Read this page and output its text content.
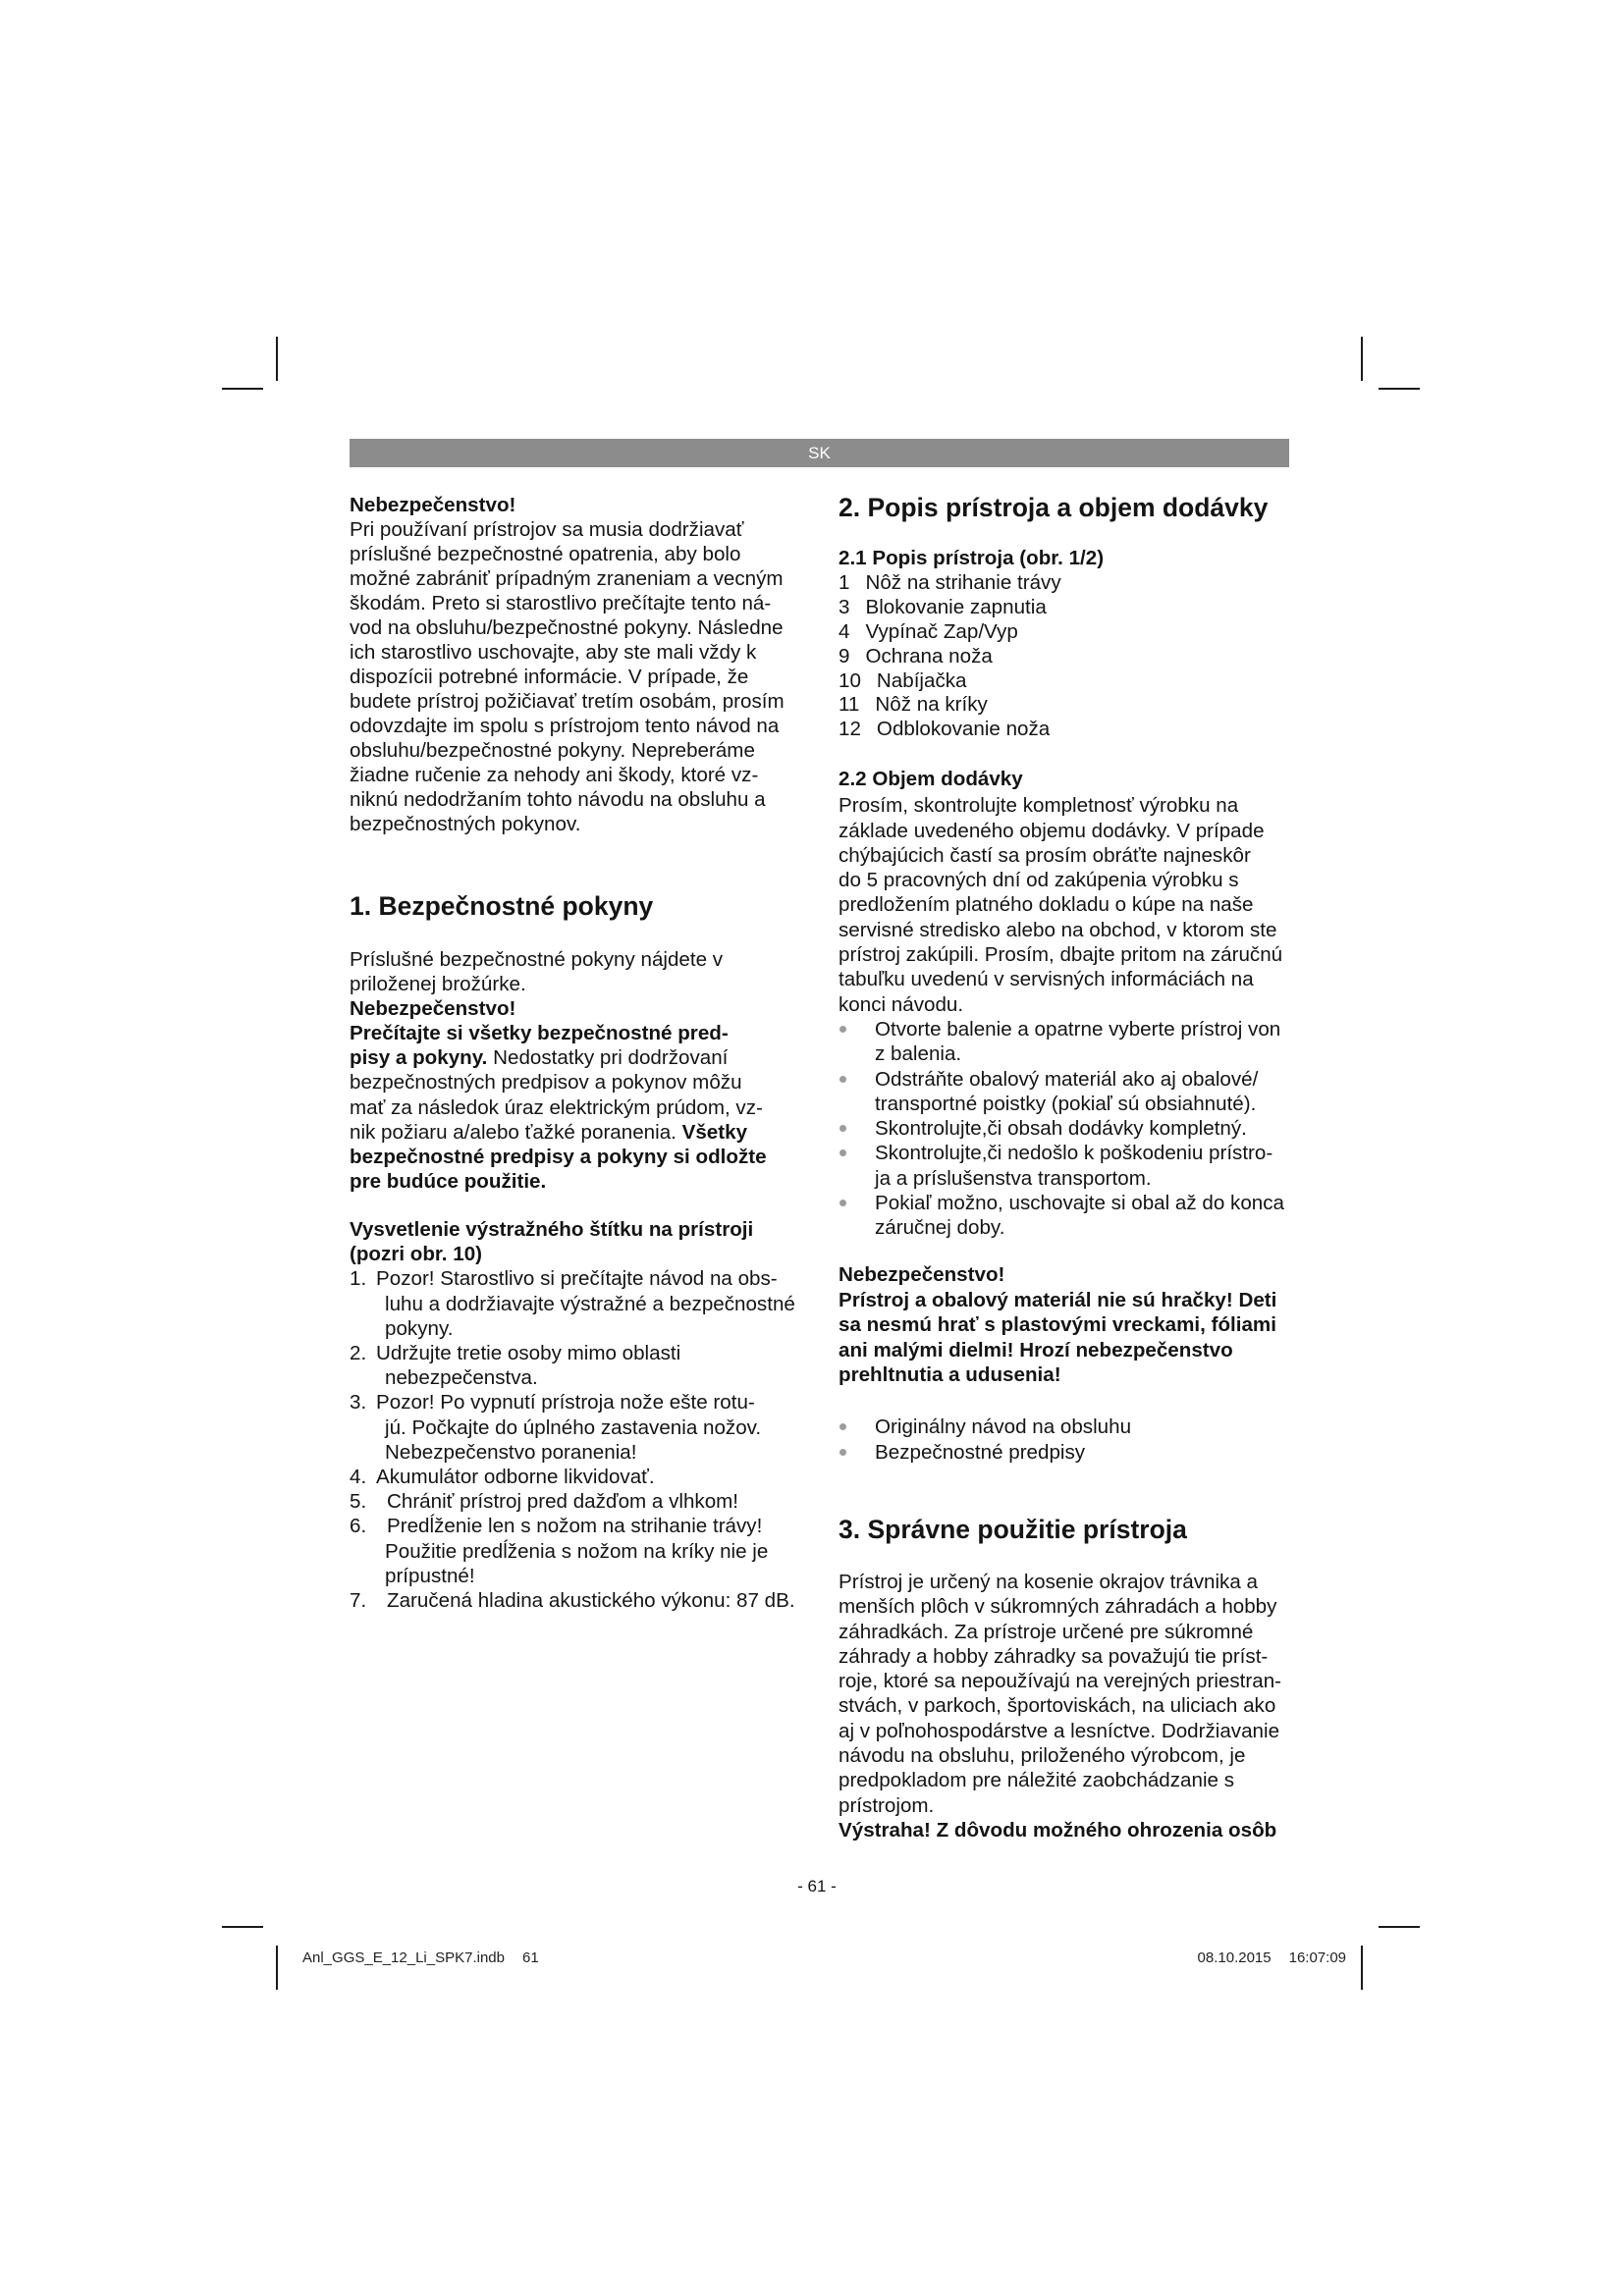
SK
Nebezpečenstvo!
Pri používaní prístrojov sa musia dodržiavať
príslušné bezpečnostné opatrenia, aby bolo
možné zabrániť prípadným zraneniam a vecným
škodám. Preto si starostlivo prečítajte tento ná-
vod na obsluhu/bezpečnostné pokyny. Následne
ich starostlivo uschovajte, aby ste mali vždy k
dispozícii potrebné informácie. V prípade, že
budete prístroj požičiavať tretím osobám, prosím
odovzdajte im spolu s prístrojom tento návod na
obsluhu/bezpečnostné pokyny. Nepreberáme
žiadne ručenie za nehody ani škody, ktoré vz-
niknú nedodržaním tohto návodu na obsluhu a
bezpečnostných pokynov.
1. Bezpečnostné pokyny
Príslušné bezpečnostné pokyny nájdete v
priloženej brožúrke.
Nebezpečenstvo!
Prečítajte si všetky bezpečnostné pred-
pisy a pokyny. Nedostatky pri dodržovaní
bezpečnostných predpisov a pokynov môžu
mať za následok úraz elektrickým prúdom, vz-
nik požiaru a/alebo ťažké poranenia. Všetky
bezpečnostné predpisy a pokyny si odložte
pre budúce použitie.
Vysvetlenie výstražného štítku na prístroji
(pozri obr. 10)
1. Pozor! Starostlivo si prečítajte návod na obs-
luhu a dodržiavajte výstražné a bezpečnostné
pokyny.
2. Udržujte tretie osoby mimo oblasti
nebezpečenstva.
3. Pozor! Po vypnutí prístroja nože ešte rotu-
jú. Počkajte do úplného zastavenia nožov.
Nebezpečenstvo poranenia!
4. Akumulátor odborne likvidovať.
5. Chrániť prístroj pred dažďom a vlhkom!
6. Predĺženie len s nožom na strihanie trávy!
Použitie predĺženia s nožom na kríky nie je
prípustné!
7. Zaručená hladina akustického výkonu: 87 dB.
2. Popis prístroja a objem dodávky
2.1 Popis prístroja (obr. 1/2)
1 Nôž na strihanie trávy
3 Blokovanie zapnutia
4 Vypínač Zap/Vyp
9 Ochrana noža
10 Nabíjačka
11 Nôž na kríky
12 Odblokovanie noža
2.2 Objem dodávky
Prosím, skontrolujte kompletnosť výrobku na
základe uvedeného objemu dodávky. V prípade
chýbajúcich častí sa prosím obráťte najneskôr
do 5 pracovných dní od zakúpenia výrobku s
predložením platného dokladu o kúpe na naše
servisné stredisko alebo na obchod, v ktorom ste
prístroj zakúpili. Prosím, dbajte pritom na záručnú
tabuľku uvedenú v servisných informáciách na
konci návodu.
Otvorte balenie a opatrne vyberte prístroj von
z balenia.
Odstráňte obalový materiál ako aj obalové/
transportné poistky (pokiaľ sú obsiahnuté).
Skontrolujte,či obsah dodávky kompletný.
Skontrolujte,či nedošlo k poškodeniu prístro-
ja a príslušenstva transportom.
Pokiaľ možno, uschovajte si obal až do konca
záručnej doby.
Nebezpečenstvo!
Prístroj a obalový materiál nie sú hračky! Deti
sa nesmú hrať s plastovými vreckami, fóliami
ani malými dielmi! Hrozí nebezpečenstvo
prehltnutia a udusenia!
Originálny návod na obsluhu
Bezpečnostné predpisy
3. Správne použitie prístroja
Prístroj je určený na kosenie okrajov trávnika a
menších plôch v súkromných záhradách a hobby
záhradkách. Za prístroje určené pre súkromné
záhrady a hobby záhradky sa považujú tie príst-
roje, ktoré sa nepoužívajú na verejných priestran-
stvách, v parkoch, športoviskách, na uliciach ako
aj v poľnohospodárstve a lesníctve. Dodržiavanie
návodu na obsluhu, priloženého výrobcom, je
predpokladom pre náležité zaobchádzanie s
prístrojom.
Výstraha! Z dôvodu možného ohrozenia osôb
- 61 -
Anl_GGS_E_12_Li_SPK7.indb 61	08.10.2015 16:07:09
